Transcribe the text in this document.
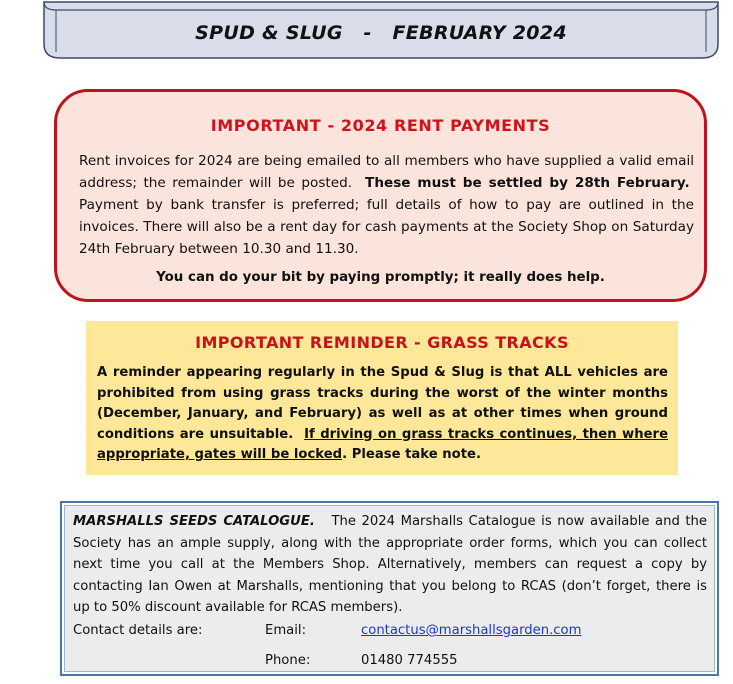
SPUD & SLUG   -   FEBRUARY 2024
IMPORTANT - 2024 RENT PAYMENTS
Rent invoices for 2024 are being emailed to all members who have supplied a valid email address; the remainder will be posted. These must be settled by 28th February.  Payment by bank transfer is preferred; full details of how to pay are outlined in the invoices. There will also be a rent day for cash payments at the Society Shop on Saturday 24th February between 10.30 and 11.30.
You can do your bit by paying promptly; it really does help.
IMPORTANT REMINDER - GRASS TRACKS
A reminder appearing regularly in the Spud & Slug is that ALL vehicles are prohibited from using grass tracks during the worst of the winter months (December, January, and February) as well as at other times when ground conditions are unsuitable. If driving on grass tracks continues, then where appropriate, gates will be locked. Please take note.
MARSHALLS SEEDS CATALOGUE. The 2024 Marshalls Catalogue is now available and the Society has an ample supply, along with the appropriate order forms, which you can collect next time you call at the Members Shop. Alternatively, members can request a copy by contacting Ian Owen at Marshalls, mentioning that you belong to RCAS (don’t forget, there is up to 50% discount available for RCAS members).
Contact details are:	Email:	contactus@marshallsgarden.com
Phone:	01480 774555
